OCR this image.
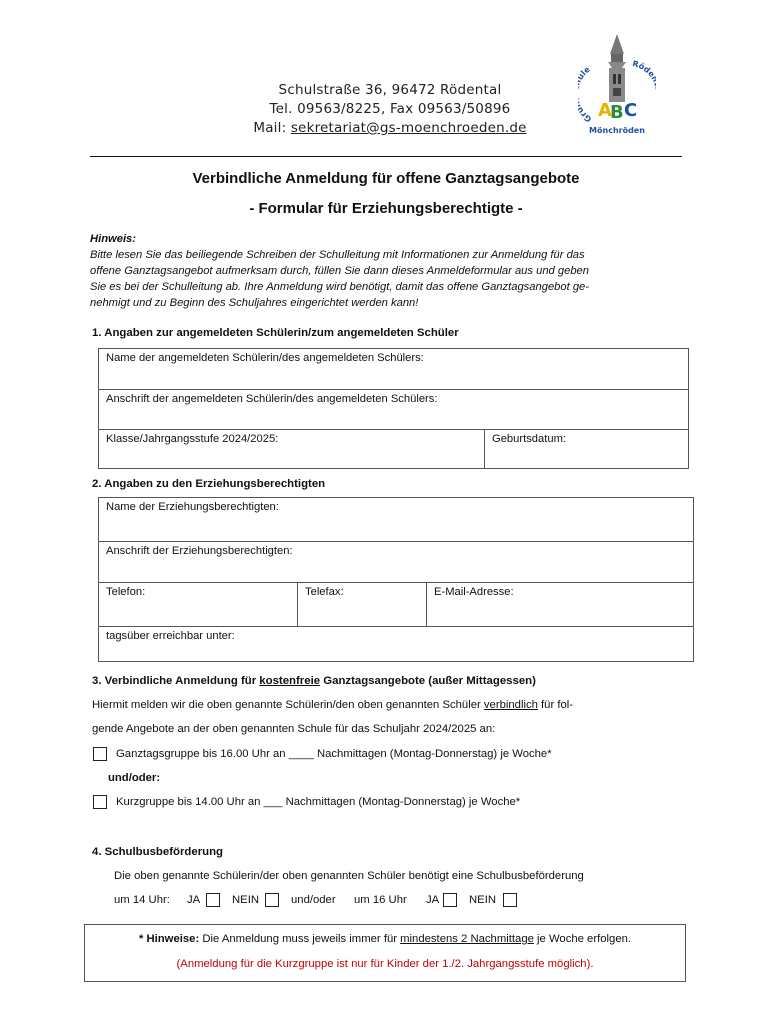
Schulstraße 36, 96472 Rödental
Tel. 09563/8225, Fax 09563/50896
Mail: sekretariat@gs-moenchroeden.de
Gr le
Röde
A
B C
Mönchröden
Verbindliche Anmeldung für offene Ganztagsangebote
- Formular für Erziehungsberechtigte -
Hinweis:
Bitte lesen Sie das beiliegende Schreiben der Schulleitung mit Informationen zur Anmeldung für das
offene Ganztagsangebot aufmerksam durch, füllen Sie dann dieses Anmeldeformular aus und geben
Sie es bei der Schulleitung ab. Ihre Anmeldung wird benötigt, damit das offene Ganztagsangebot ge-
nehmigt und zu Beginn des Schuljahres eingerichtet werden kann!
1. Angaben zur angemeldeten Schülerin/zum angemeldeten Schüler
Name der angemeldeten Schülerin/des angemeldeten Schülers:
Anschrift der angemeldeten Schülerin/des angemeldeten Schülers:
Klasse/Jahrgangsstufe 2024/2025:	Geburtsdatum:
2. Angaben zu den Erziehungsberechtigten
Name der Erziehungsberechtigten:
Anschrift der Erziehungsberechtigten:
Telefon:	Telefax:	E-Mail-Adresse:
tagsüber erreichbar unter:
3. Verbindliche Anmeldung für kostenfreie Ganztagsangebote (außer Mittagessen)
Hiermit melden wir die oben genannte Schülerin/den oben genannten Schüler verbindlich für fol-
gende Angebote an der oben genannten Schule für das Schuljahr 2024/2025 an:
Ganztagsgruppe bis 16.00 Uhr an ____ Nachmittagen (Montag-Donnerstag) je Woche*
und/oder:
Kurzgruppe bis 14.00 Uhr an ___ Nachmittagen (Montag-Donnerstag) je Woche*
4. Schulbusbeförderung
Die oben genannte Schülerin/der oben genannten Schüler benötigt eine Schulbusbeförderung
um 14 Uhr: JA	NEIN	und/oder um 16 Uhr JA	NEIN
* Hinweise: Die Anmeldung muss jeweils immer für mindestens 2 Nachmittage je Woche erfolgen.
(Anmeldung für die Kurzgruppe ist nur für Kinder der 1./2. Jahrgangsstufe möglich).
